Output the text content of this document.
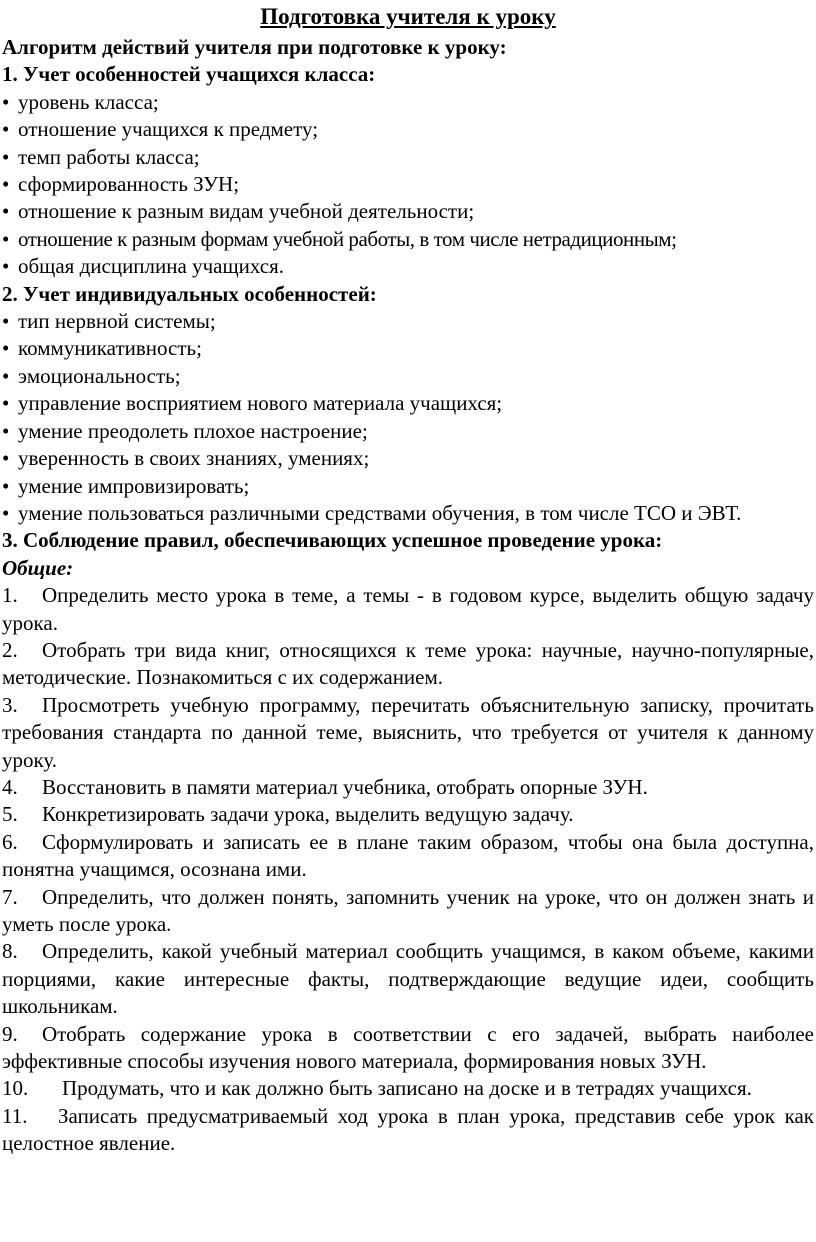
Подготовка учителя к уроку

Алгоритм действий учителя при подготовке к уроку:

1. Учет особенностей учащихся класса:

• уровень класса;
• отношение учащихся к предмету;
• темп работы класса;
• сформированность ЗУН;
• отношение к разным видам учебной деятельности;
• отношение к разным формам учебной работы, в том числе нетрадиционным;
• общая дисциплина учащихся.

2. Учет индивидуальных особенностей:

• тип нервной системы;
• коммуникативность;
• эмоциональность;
• управление восприятием нового материала учащихся;
• умение преодолеть плохое настроение;
• уверенность в своих знаниях, умениях;
• умение импровизировать;
• умение пользоваться различными средствами обучения, в том числе ТСО и ЭВТ.

3. Соблюдение правил, обеспечивающих успешное проведение урока:

Общие:

1. Определить место урока в теме, а темы - в годовом курсе, выделить общую задачу урока.
2. Отобрать три вида книг, относящихся к теме урока: научные, научно-популярные, методические. Познакомиться с их содержанием.
3. Просмотреть учебную программу, перечитать объяснительную записку, прочитать требования стандарта по данной теме, выяснить, что требуется от учителя к данному уроку.
4. Восстановить в памяти материал учебника, отобрать опорные ЗУН.
5. Конкретизировать задачи урока, выделить ведущую задачу.
6. Сформулировать и записать ее в плане таким образом, чтобы она была доступна, понятна учащимся, осознана ими.
7. Определить, что должен понять, запомнить ученик на уроке, что он должен знать и уметь после урока.
8. Определить, какой учебный материал сообщить учащимся, в каком объеме, какими порциями, какие интересные факты, подтверждающие ведущие идеи, сообщить школьникам.
9. Отобрать содержание урока в соответствии с его задачей, выбрать наиболее эффективные способы изучения нового материала, формирования новых ЗУН.
10. Продумать, что и как должно быть записано на доске и в тетрадях учащихся.
11. Записать предусматриваемый ход урока в план урока, представив себе урок как целостное явление.
